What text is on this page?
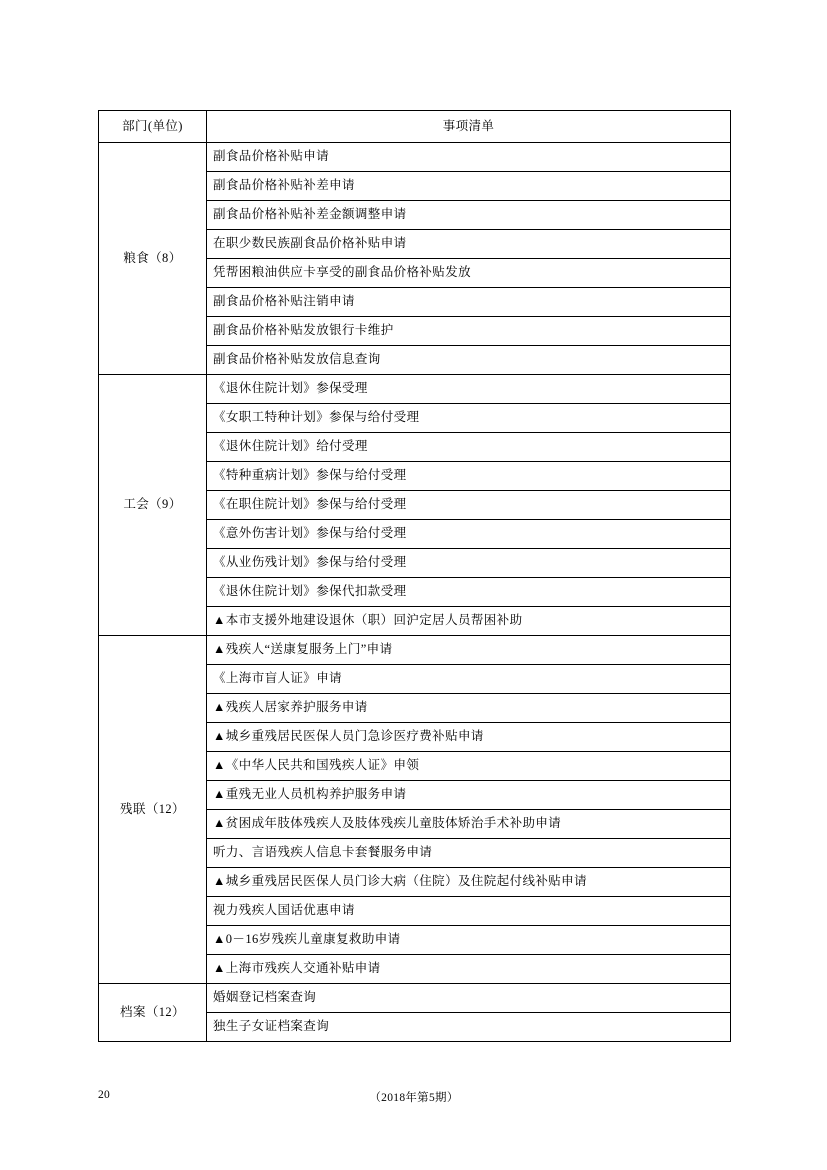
部门(单位)	事项清单
粮食（8）	副食品价格补贴申请
	副食品价格补贴补差申请
	副食品价格补贴补差金额调整申请
	在职少数民族副食品价格补贴申请
	凭帮困粮油供应卡享受的副食品价格补贴发放
	副食品价格补贴注销申请
	副食品价格补贴发放银行卡维护
	副食品价格补贴发放信息查询
工会（9）	《退休住院计划》参保受理
	《女职工特种计划》参保与给付受理
	《退休住院计划》给付受理
	《特种重病计划》参保与给付受理
	《在职住院计划》参保与给付受理
	《意外伤害计划》参保与给付受理
	《从业伤残计划》参保与给付受理
	《退休住院计划》参保代扣款受理
	▲本市支援外地建设退休（职）回沪定居人员帮困补助
残联（12）	▲残疾人“送康复服务上门”申请
	《上海市盲人证》申请
	▲残疾人居家养护服务申请
	▲城乡重残居民医保人员门急诊医疗费补贴申请
	▲《中华人民共和国残疾人证》申领
	▲重残无业人员机构养护服务申请
	▲贫困成年肢体残疾人及肢体残疾儿童肢体矫治手术补助申请
	听力、言语残疾人信息卡套餐服务申请
	▲城乡重残居民医保人员门诊大病（住院）及住院起付线补贴申请
	视力残疾人国话优惠申请
	▲0－16岁残疾儿童康复救助申请
	▲上海市残疾人交通补贴申请
档案（12）	婚姻登记档案查询
	独生子女证档案查询
20	（2018年第5期）
